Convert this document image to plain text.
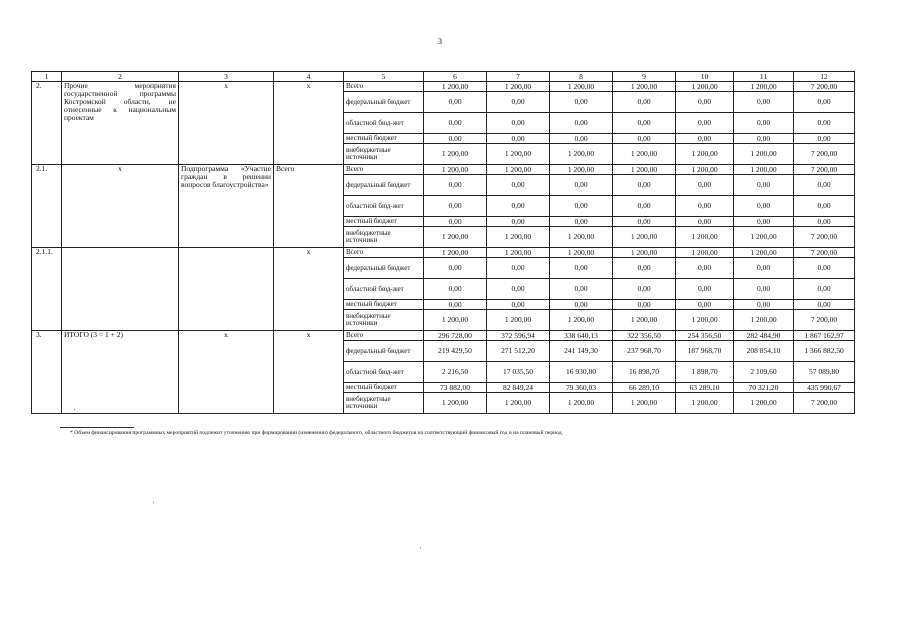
3
1	2	3	4	5	6	7	8	9	10	11	12
2.	Прочие мероприятия государственной программы Костромской области, не отнесенные к национальным проектам	x	x	Всего	1 200,00	1 200,00	1 200,00	1 200,00	1 200,00	1 200,00	7 200,00
				федеральный бюджет	0,00	0,00	0,00	0,00	0,00	0,00	0,00
				областной бюд-жет	0,00	0,00	0,00	0,00	0,00	0,00	0,00
				местный бюджет	0,00	0,00	0,00	0,00	0,00	0,00	0,00
				внебюджетные источники	1 200,00	1 200,00	1 200,00	1 200,00	1 200,00	1 200,00	7 200,00
2.1.	x	Подпрограмма «Участие граждан в решении вопросов благоустройства»	Всего	Всего	1 200,00	1 200,00	1 200,00	1 200,00	1 200,00	1 200,00	7 200,00
				федеральный бюджет	0,00	0,00	0,00	0,00	0,00	0,00	0,00
				областной бюд-жет	0,00	0,00	0,00	0,00	0,00	0,00	0,00
				местный бюджет	0,00	0,00	0,00	0,00	0,00	0,00	0,00
				внебюджетные источники	1 200,00	1 200,00	1 200,00	1 200,00	1 200,00	1 200,00	7 200,00
2.1.1.			x	Всего	1 200,00	1 200,00	1 200,00	1 200,00	1 200,00	1 200,00	7 200,00
				федеральный бюджет	0,00	0,00	0,00	0,00	0,00	0,00	0,00
				областной бюд-жет	0,00	0,00	0,00	0,00	0,00	0,00	0,00
				местный бюджет	0,00	0,00	0,00	0,00	0,00	0,00	0,00
				внебюджетные источники	1 200,00	1 200,00	1 200,00	1 200,00	1 200,00	1 200,00	7 200,00
3.	ИТОГО (3 = 1 + 2)	x	x	Всего	296 728,00	372 596,94	338 640,13	322 356,50	254 356,50	282 484,90	1 867 162,97
				федеральный бюджет	219 429,50	271 512,20	241 149,30	237 968,70	187 968,70	208 854,10	1 366 882,50
				областной бюд-жет	2 216,50	17 035,50	16 930,80	16 898,70	1 898,70	2 109,60	57 089,80
				местный бюджет	73 882,00	82 849,24	79 360,03	66 289,10	63 289,10	70 321,20	435 990,67
				внебюджетные источники	1 200,00	1 200,00	1 200,00	1 200,00	1 200,00	1 200,00	7 200,00
* Объем финансирования программных мероприятий подлежит уточнению при формировании (изменении) федерального, областного бюджетов на соответствующий финансовый год и на плановый период.
